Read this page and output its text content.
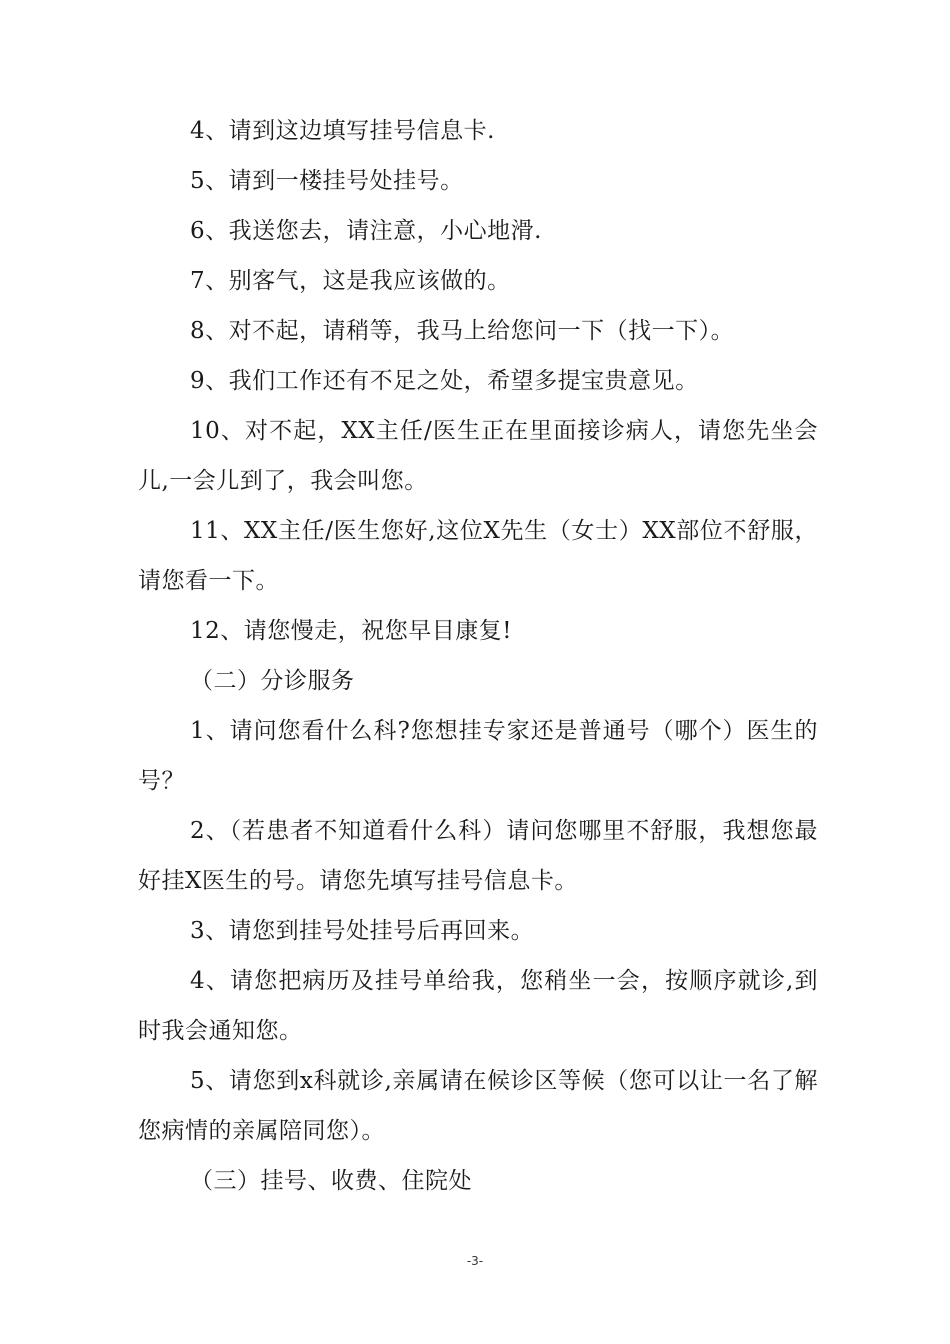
4、请到这边填写挂号信息卡.

5、请到一楼挂号处挂号。

6、我送您去，请注意，小心地滑.

7、别客气，这是我应该做的。

8、对不起，请稍等，我马上给您问一下（找一下）。

9、我们工作还有不足之处，希望多提宝贵意见。

10、对不起，XX主任/医生正在里面接诊病人，请您先坐会儿,一会儿到了，我会叫您。

11、XX主任/医生您好,这位X先生（女士）XX部位不舒服，请您看一下。

12、请您慢走，祝您早目康复!

（二）分诊服务

1、请问您看什么科?您想挂专家还是普通号（哪个）医生的号？

2、（若患者不知道看什么科）请问您哪里不舒服，我想您最好挂X医生的号。请您先填写挂号信息卡。

3、请您到挂号处挂号后再回来。

4、请您把病历及挂号单给我，您稍坐一会，按顺序就诊,到时我会通知您。

5、请您到x科就诊,亲属请在候诊区等候（您可以让一名了解您病情的亲属陪同您）。

（三）挂号、收费、住院处

-3-
